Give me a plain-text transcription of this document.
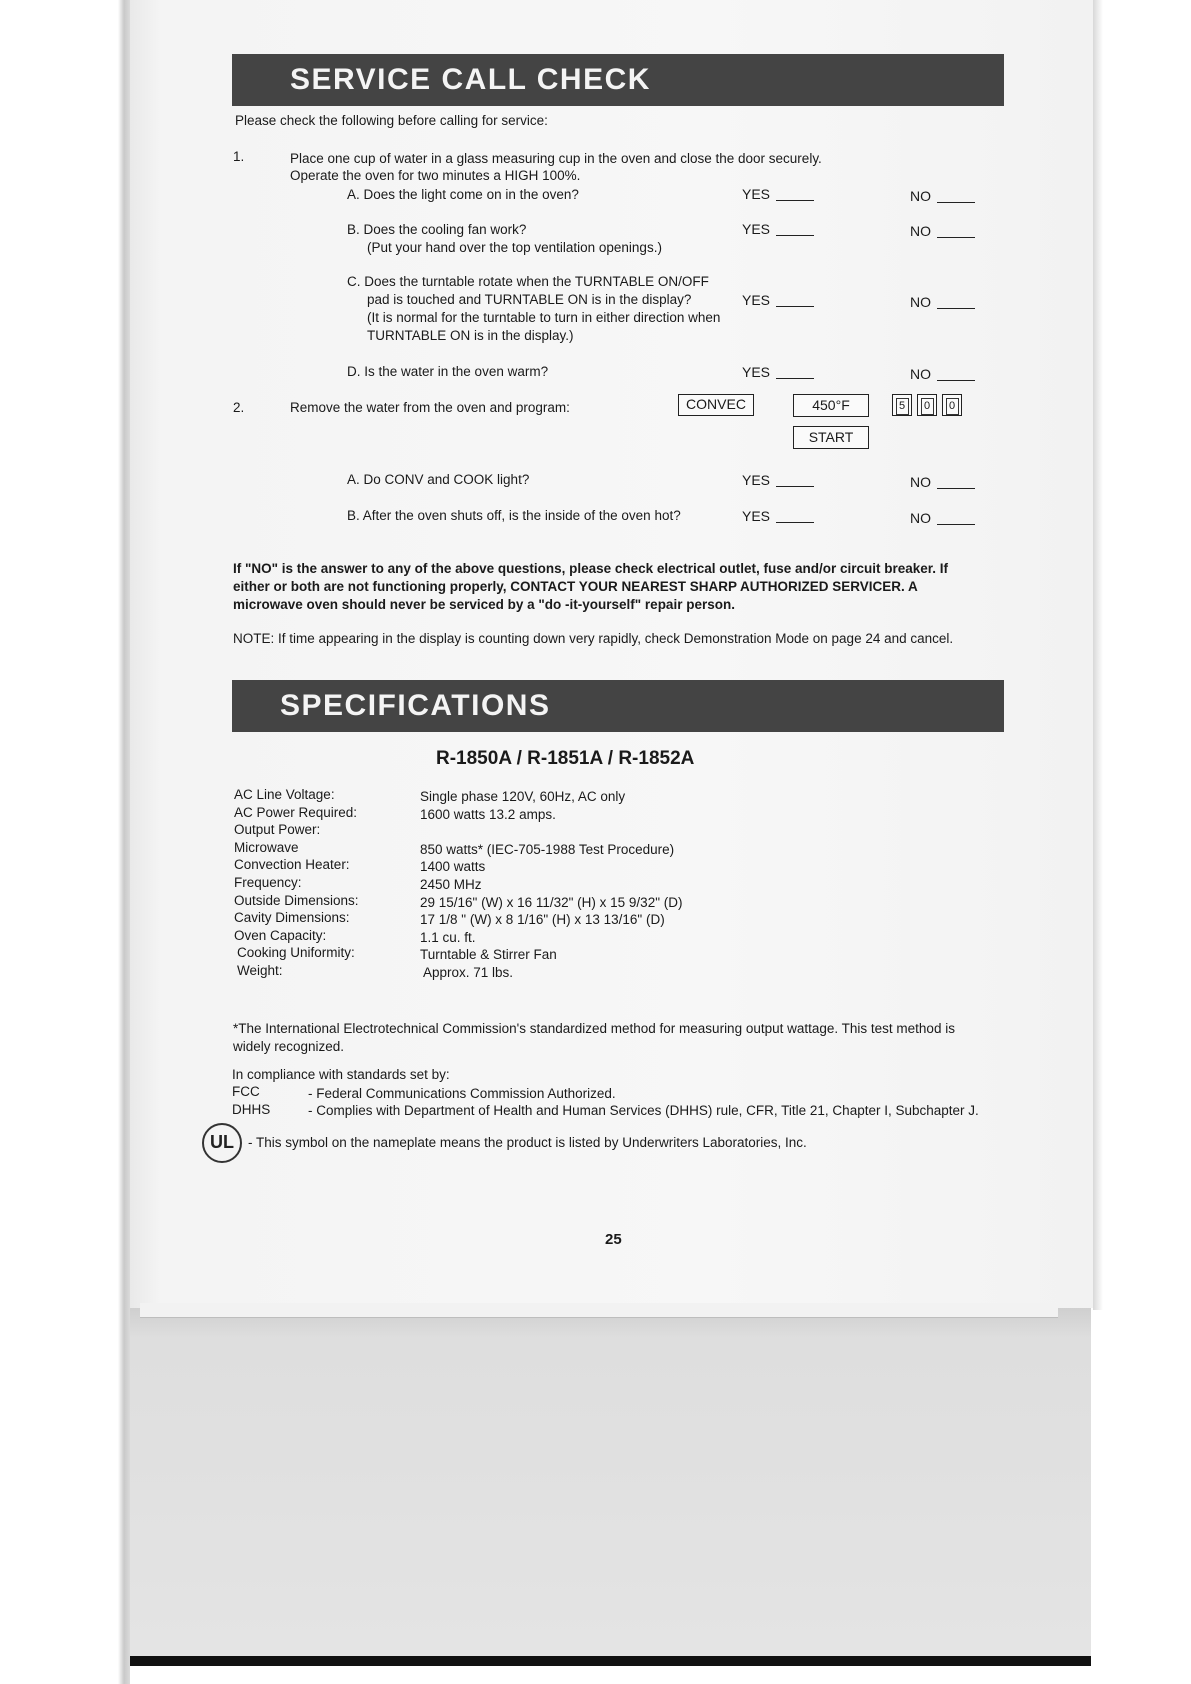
SERVICE CALL CHECK
Please check the following before calling for service:
1.	Place one cup of water in a glass measuring cup in the oven and close the door securely.
Operate the oven for two minutes a HIGH 100%.
A. Does the light come on in the oven?	YES	NO
B. Does the cooling fan work?
(Put your hand over the top ventilation openings.)
YES	NO
C. Does the turntable rotate when the TURNTABLE ON/OFF
pad is touched and TURNTABLE ON is in the display?
(It is normal for the turntable to turn in either direction when
TURNTABLE ON is in the display.)
YES	NO
D. Is the water in the oven warm?	YES	NO
2.	Remove the water from the oven and program:	CONVEC	450°F
START
5	0	0
A. Do CONV and COOK light?	YES	NO
B. After the oven shuts off, is the inside of the oven hot?	YES	NO
If "NO" is the answer to any of the above questions, please check electrical outlet, fuse and/or circuit breaker. If
either or both are not functioning properly, CONTACT YOUR NEAREST SHARP AUTHORIZED SERVICER. A
microwave oven should never be serviced by a "do -it-yourself" repair person.
NOTE: If time appearing in the display is counting down very rapidly, check Demonstration Mode on page 24 and cancel.
SPECIFICATIONS
R-1850A / R-1851A / R-1852A
AC Line Voltage:	Single phase 120V, 60Hz, AC only
AC Power Required:	1600 watts 13.2 amps.
Output Power:
Microwave	850 watts* (IEC-705-1988 Test Procedure)
Convection Heater:	1400 watts
Frequency:	2450 MHz
Outside Dimensions:	29 15/16" (W) x 16 11/32" (H) x 15 9/32" (D)
Cavity Dimensions:	17 1/8 " (W) x 8 1/16" (H) x 13 13/16" (D)
Oven Capacity:	1.1 cu. ft.
Cooking Uniformity:	Turntable & Stirrer Fan
Weight:	Approx. 71 lbs.
*The International Electrotechnical Commission's standardized method for measuring output wattage. This test method is
widely recognized.
In compliance with standards set by:
FCC	- Federal Communications Commission Authorized.
DHHS	- Complies with Department of Health and Human Services (DHHS) rule, CFR, Title 21, Chapter I, Subchapter J.
UL	- This symbol on the nameplate means the product is listed by Underwriters Laboratories, Inc.
25
